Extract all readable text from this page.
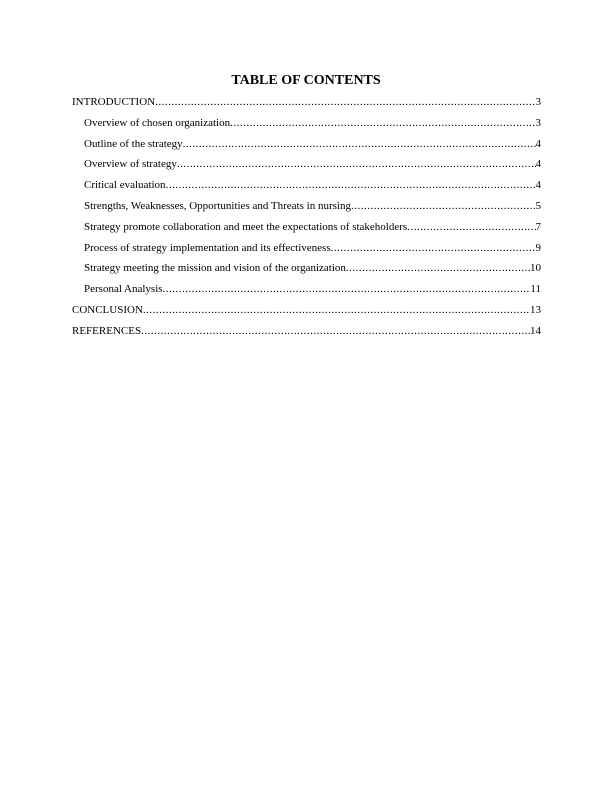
TABLE OF CONTENTS
INTRODUCTION .....	3
Overview of chosen organization .....	3
Outline of the strategy .....	4
Overview of strategy .....	4
Critical evaluation .....	4
Strengths, Weaknesses, Opportunities and Threats in nursing .....	5
Strategy promote collaboration and meet the expectations of stakeholders .....	7
Process of strategy implementation and its effectiveness .....	9
Strategy meeting the mission and vision of the organization .....	10
Personal Analysis .....	11
CONCLUSION .....	13
REFERENCES .....	14
